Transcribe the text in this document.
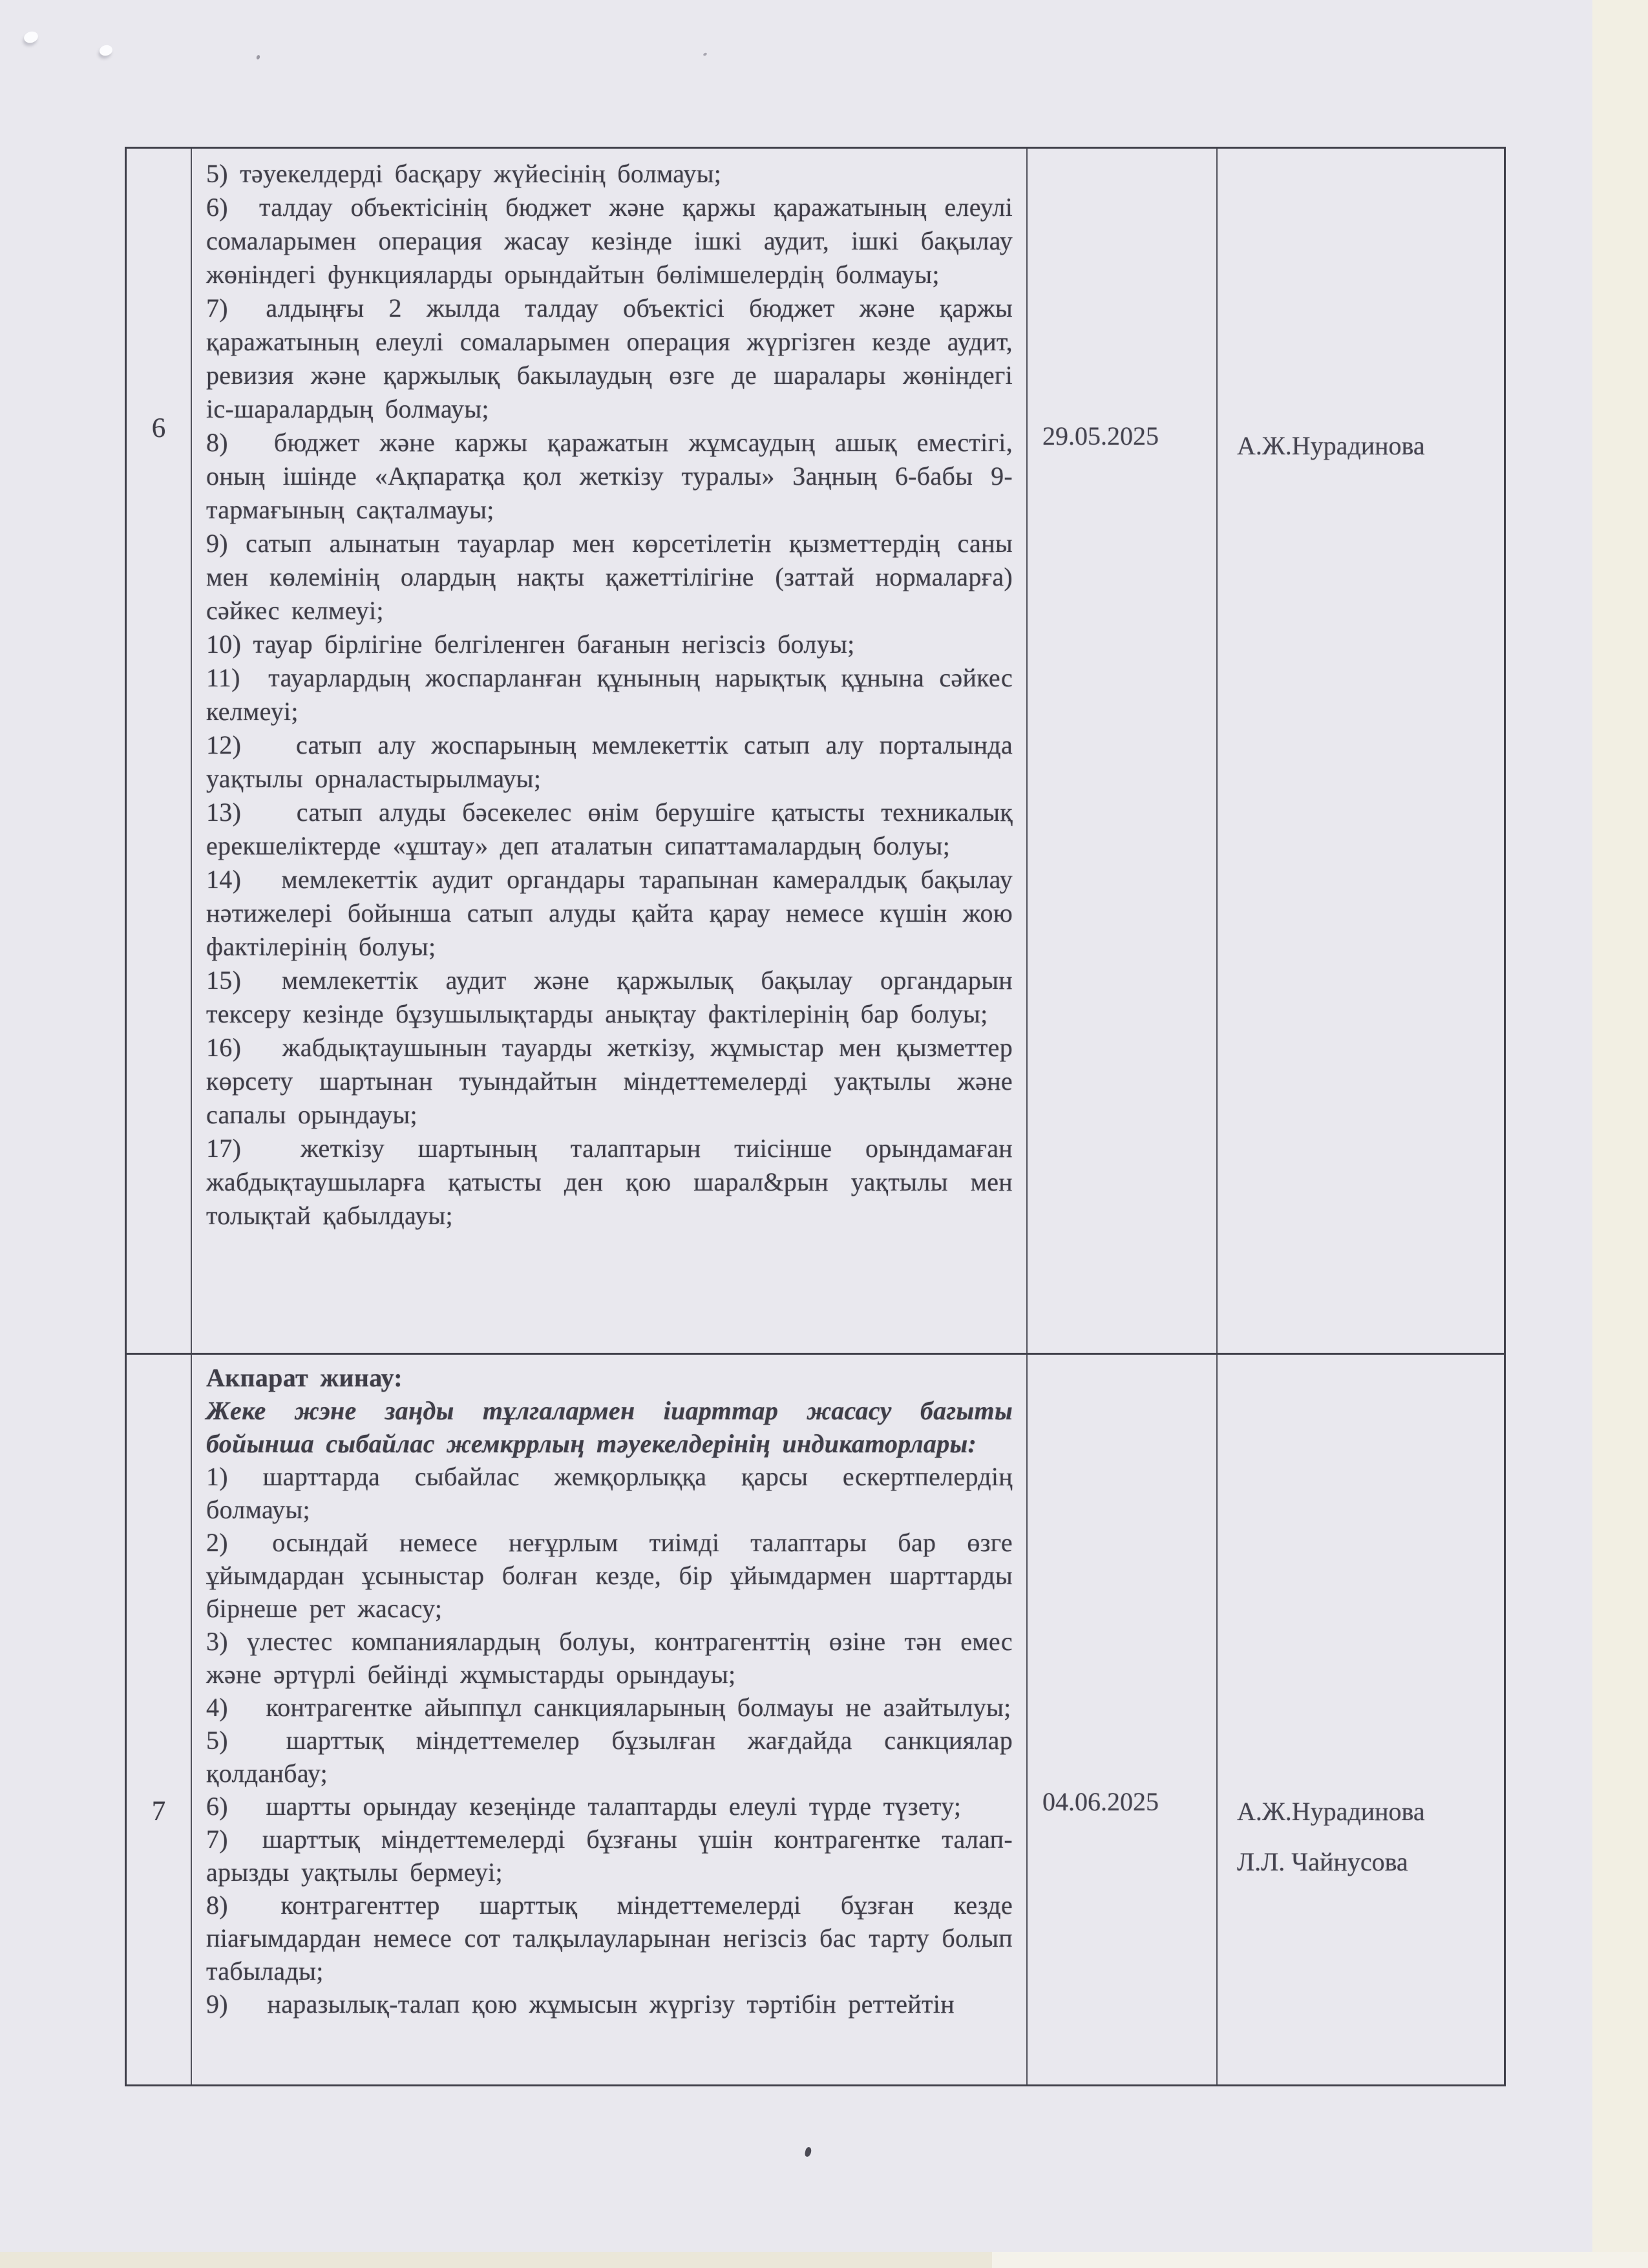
6

5) тәуекелдерді басқару жүйесінің болмауы;

6)  талдау объектісінің бюджет және қаржы қаражатының елеулі сомаларымен операция жасау кезінде ішкі аудит, ішкі бақылау жөніндегі функцияларды орындайтын бөлімшелердің болмауы;

7)  алдыңғы 2 жылда талдау объектісі бюджет және қаржы қаражатының елеулі сомаларымен операция жүргізген кезде аудит, ревизия және қаржылық бакылаудың өзге де шаралары жөніндегі іс-шаралардың болмауы;

8)  бюджет және каржы қаражатын жұмсаудың ашық еместігі, оның ішінде «Ақпаратқа қол жеткізу туралы» Заңның 6-бабы 9-тармағының сақталмауы;

9) сатып алынатын тауарлар мен көрсетілетін қызметтердің саны мен көлемінің олардың нақты қажеттілігіне (заттай нормаларға) сәйкес келмеуі;

10) тауар бірлігіне белгіленген бағанын негізсіз болуы;

11)  тауарлардың жоспарланған құнының нарықтық құнына сәйкес келмеуі;

12)   сатып алу жоспарының мемлекеттік сатып алу порталында уақтылы орналастырылмауы;

13)   сатып алуды бәсекелес өнім берушіге қатысты техникалық ерекшеліктерде «ұштау» деп аталатын сипаттамалардың болуы;

14)  мемлекеттік аудит органдары тарапынан камералдық бақылау нәтижелері бойынша сатып алуды қайта қарау немесе күшін жою фактілерінің болуы;

15)  мемлекеттік аудит және қаржылық бақылау органдарын тексеру кезінде бұзушылықтарды анықтау фактілерінің бар болуы;

16)  жабдықтаушынын тауарды жеткізу, жұмыстар мен қызметтер көрсету шартынан туындайтын міндеттемелерді уақтылы және сапалы орындауы;

17)  жеткізу шартының талаптарын тиісінше орындамаған жабдықтаушыларға қатысты ден қою шарал&рын уақтылы мен толықтай қабылдауы;

29.05.2025	А.Ж.Нурадинова
7

Акпарат жинау:

Жеке жэне заңды тұлгалармен іиарттар жасасу багыты бойынша сыбайлас жемкррлың тәуекелдерінің индикаторлары:

1) шарттарда сыбайлас жемқорлыққа қарсы ескертпелердің болмауы;

2)  осындай немесе неғұрлым тиімді талаптары бар өзге ұйымдардан ұсыныстар болған кезде, бір ұйымдармен шарттарды бірнеше рет жасасу;

3) үлестес компаниялардың болуы, контрагенттің өзіне тән емес және әртүрлі бейінді жұмыстарды орындауы;

4)  контрагентке айыппұл санкцияларының болмауы не азайтылуы;

5)  шарттық міндеттемелер бұзылған жағдайда санкциялар қолданбау;

6)  шартты орындау кезеңінде талаптарды елеулі түрде түзету;

7)  шарттық міндеттемелерді бұзғаны үшін контрагентке талап-арызды уақтылы бермеуі;

8)  контрагенттер шарттық міндеттемелерді бұзған кезде піағымдардан немесе сот талқылауларынан негізсіз бас тарту болып табылады;

9)  наразылық-талап қою жұмысын жүргізу тәртібін реттейтін

04.06.2025	А.Ж.Нурадинова
Л.Л. Чайнусова
